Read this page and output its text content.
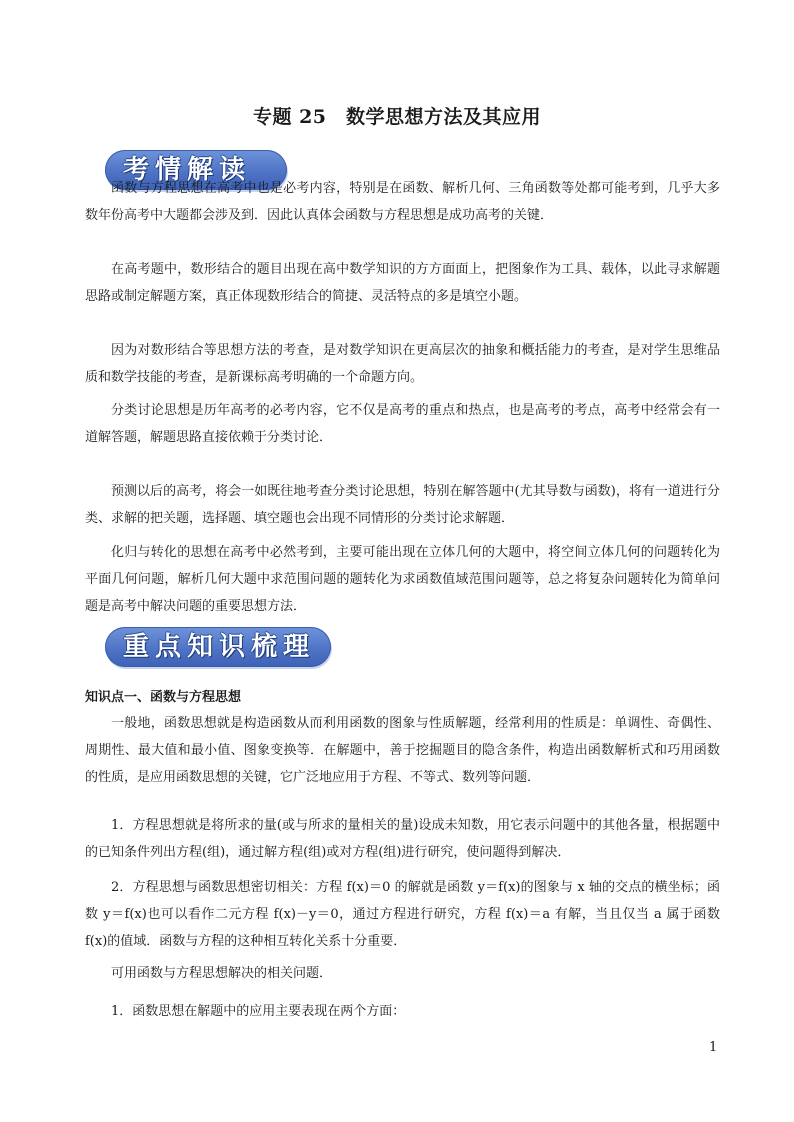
专题 25　数学思想方法及其应用
考情解读

函数与方程思想在高考中也是必考内容，特别是在函数、解析几何、三角函数等处都可能考到，几乎大多数年份高考中大题都会涉及到．因此认真体会函数与方程思想是成功高考的关键．

在高考题中，数形结合的题目出现在高中数学知识的方方面面上，把图象作为工具、载体，以此寻求解题思路或制定解题方案，真正体现数形结合的简捷、灵活特点的多是填空小题。

因为对数形结合等思想方法的考查，是对数学知识在更高层次的抽象和概括能力的考查，是对学生思维品质和数学技能的考查，是新课标高考明确的一个命题方向。

分类讨论思想是历年高考的必考内容，它不仅是高考的重点和热点，也是高考的考点，高考中经常会有一道解答题，解题思路直接依赖于分类讨论．

预测以后的高考，将会一如既往地考查分类讨论思想，特别在解答题中(尤其导数与函数)，将有一道进行分类、求解的把关题，选择题、填空题也会出现不同情形的分类讨论求解题．

化归与转化的思想在高考中必然考到，主要可能出现在立体几何的大题中，将空间立体几何的问题转化为平面几何问题，解析几何大题中求范围问题的题转化为求函数值域范围问题等，总之将复杂问题转化为简单问题是高考中解决问题的重要思想方法．

重点知识梳理
知识点一、函数与方程思想

一般地，函数思想就是构造函数从而利用函数的图象与性质解题，经常利用的性质是：单调性、奇偶性、周期性、最大值和最小值、图象变换等．在解题中，善于挖掘题目的隐含条件，构造出函数解析式和巧用函数的性质，是应用函数思想的关键，它广泛地应用于方程、不等式、数列等问题．

1．方程思想就是将所求的量(或与所求的量相关的量)设成未知数，用它表示问题中的其他各量，根据题中的已知条件列出方程(组)，通过解方程(组)或对方程(组)进行研究，使问题得到解决．

2．方程思想与函数思想密切相关：方程 f(x)＝0 的解就是函数 y＝f(x)的图象与 x 轴的交点的横坐标；函数 y＝f(x)也可以看作二元方程 f(x)－y＝0，通过方程进行研究，方程 f(x)＝a 有解，当且仅当 a 属于函数 f(x)的值域．函数与方程的这种相互转化关系十分重要．

可用函数与方程思想解决的相关问题．

1．函数思想在解题中的应用主要表现在两个方面：

1
